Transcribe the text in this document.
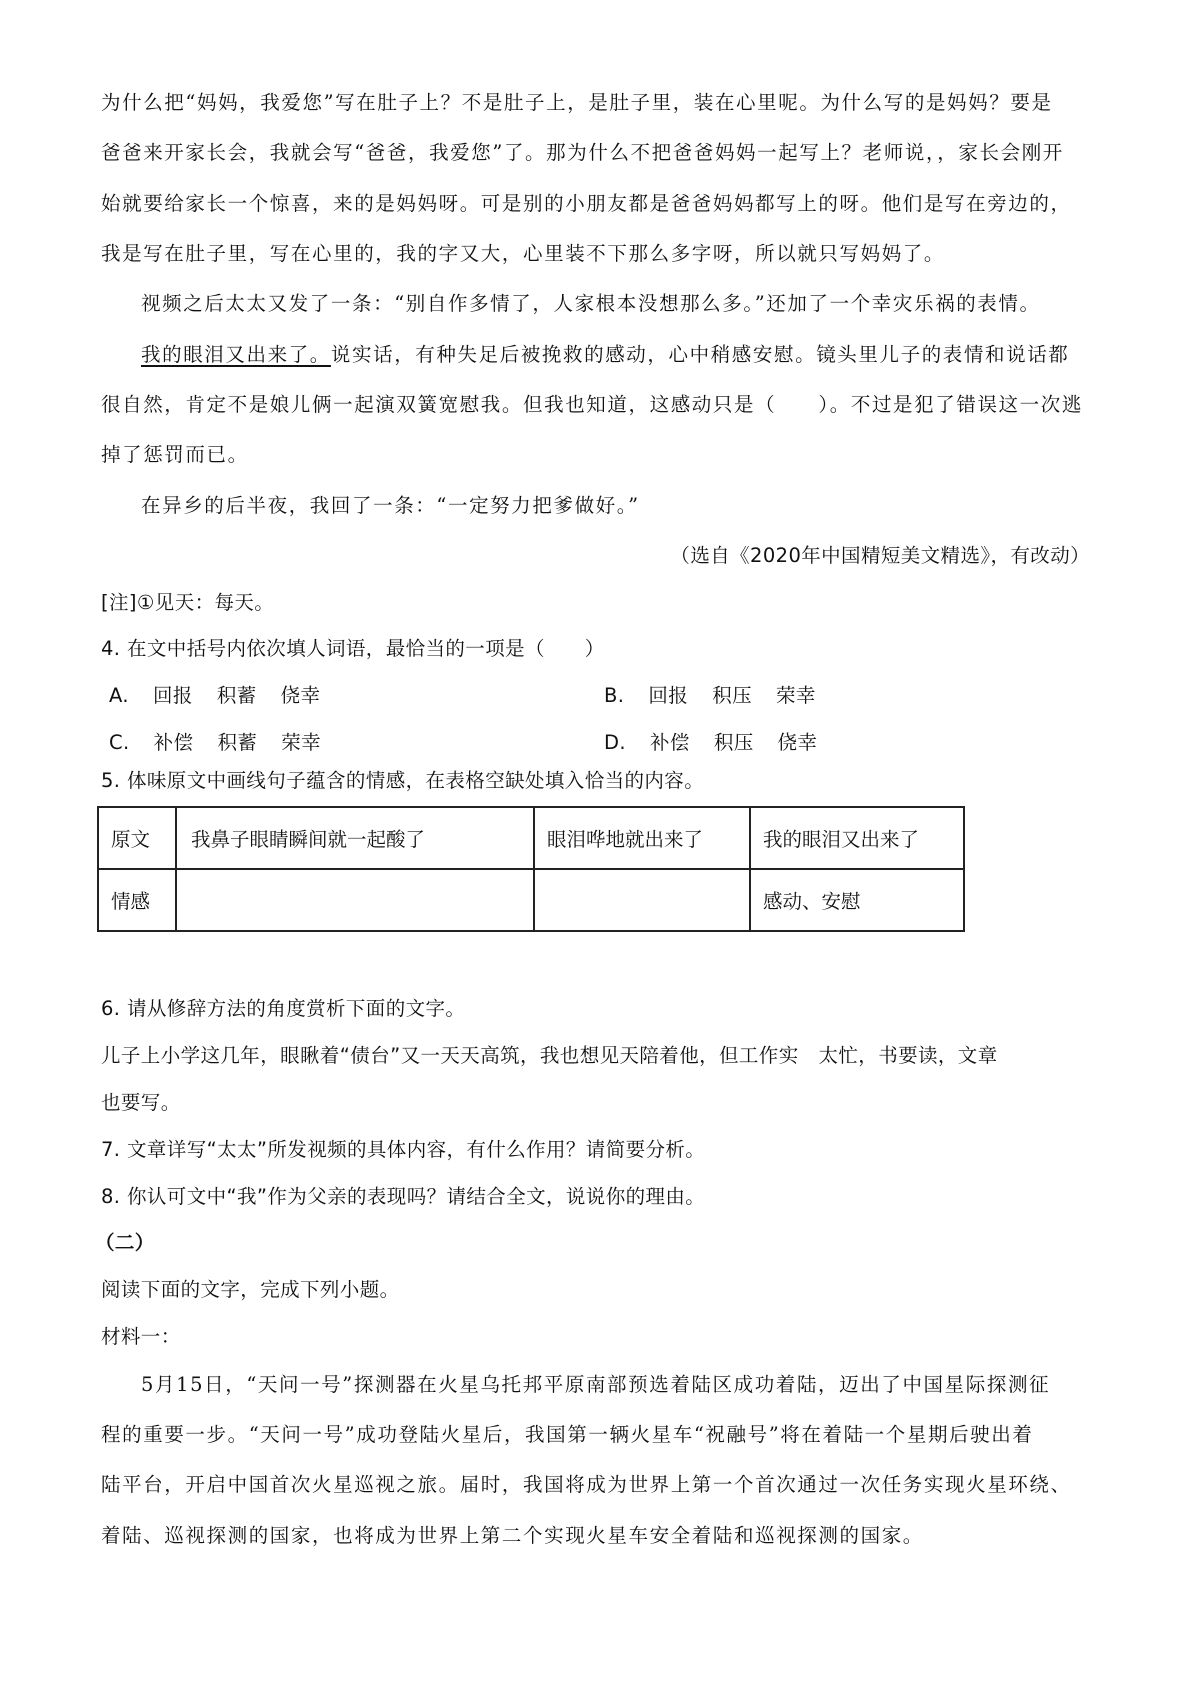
为什么把“妈妈，我爱您”写在肚子上？不是肚子上，是肚子里，装在心里呢。为什么写的是妈妈？要是
爸爸来开家长会，我就会写“爸爸，我爱您”了。那为什么不把爸爸妈妈一起写上？老师说，，家长会刚开
始就要给家长一个惊喜，来的是妈妈呀。可是别的小朋友都是爸爸妈妈都写上的呀。他们是写在旁边的，
我是写在肚子里，写在心里的，我的字又大，心里装不下那么多字呀，所以就只写妈妈了。
视频之后太太又发了一条：“别自作多情了，人家根本没想那么多。”还加了一个幸灾乐祸的表情。
我的眼泪又出来了。说实话，有种失足后被挽救的感动，心中稍感安慰。镜头里儿子的表情和说话都
很自然，肯定不是娘儿俩一起演双簧宽慰我。但我也知道，这感动只是（　　）。不过是犯了错误这一次逃
掉了惩罚而已。
在异乡的后半夜，我回了一条：“一定努力把爹做好。”
（选自《2020年中国精短美文精选》，有改动）
[注]①见天：每天。
4. 在文中括号内依次填人词语，最恰当的一项是（　　）
A. 回报 积蓄 侥幸	B. 回报 积压 荣幸
C. 补偿 积蓄 荣幸	D. 补偿 积压 侥幸
5. 体味原文中画线句子蕴含的情感，在表格空缺处填入恰当的内容。
原文	我鼻子眼睛瞬间就一起酸了	眼泪哗地就出来了	我的眼泪又出来了
情感			感动、安慰
6. 请从修辞方法的角度赏析下面的文字。
儿子上小学这几年，眼瞅着“债台”又一天天高筑，我也想见天陪着他，但工作实　太忙，书要读，文章
也要写。
7. 文章详写“太太”所发视频的具体内容，有什么作用？请简要分析。
8. 你认可文中“我”作为父亲的表现吗？请结合全文，说说你的理由。
（二）
阅读下面的文字，完成下列小题。
材料一：
5月15日，“天问一号”探测器在火星乌托邦平原南部预选着陆区成功着陆，迈出了中国星际探测征
程的重要一步。“天问一号”成功登陆火星后，我国第一辆火星车“祝融号”将在着陆一个星期后驶出着
陆平台，开启中国首次火星巡视之旅。届时，我国将成为世界上第一个首次通过一次任务实现火星环绕、
着陆、巡视探测的国家，也将成为世界上第二个实现火星车安全着陆和巡视探测的国家。
